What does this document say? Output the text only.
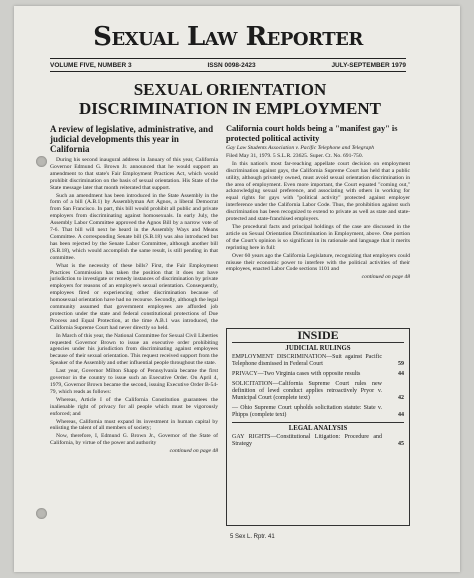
Sexual Law Reporter
VOLUME FIVE, NUMBER 3	ISSN 0098-2423	JULY-SEPTEMBER 1979
SEXUAL ORIENTATION
DISCRIMINATION IN EMPLOYMENT
A review of legislative, administrative, and judicial developments this year in California

During his second inaugural address in January of this year, California Governor Edmund G. Brown Jr. announced that he would support an amendment to that state's Fair Employment Practices Act, which would prohibit discrimination on the basis of sexual orientation. His State of the State message later that month reiterated that support.

Such an amendment has been introduced in the State Assembly in the form of a bill (A.B.1) by Assemblyman Art Agnos, a liberal Democrat from San Francisco. In part, this bill would prohibit all public and private employers from discriminating against homosexuals. In early July, the Assembly Labor Committee approved the Agnos Bill by a narrow vote of 7-6. That bill will next be heard in the Assembly Ways and Means Committee. A corresponding Senate bill (S.B.18) was also introduced but has been rejected by the Senate Labor Committee, although another bill (S.B.18), which would accomplish the same result, is still pending in that committee.

What is the necessity of these bills? First, the Fair Employment Practices Commission has taken the position that it does not have jurisdiction to investigate or remedy instances of discrimination by private employers for reasons of an employee's sexual orientation. Consequently, employees fired or experiencing other discrimination because of homosexual orientation have had no recourse. Secondly, although the legal community assumed that government employees are afforded job protection under the state and federal constitutional protections of Due Process and Equal Protection, at the time A.B.1 was introduced, the California Supreme Court had never directly so held.

In March of this year, the National Committee for Sexual Civil Liberties requested Governor Brown to issue an executive order prohibiting agencies under his jurisdiction from discriminating against employees because of their sexual orientation. This request received support from the Speaker of the Assembly and other influential people throughout the state.

Last year, Governor Milton Shapp of Pennsylvania became the first governor in the country to issue such an Executive Order. On April 4, 1979, Governor Brown became the second, issuing Executive Order B-54-79, which reads as follows:

Whereas, Article I of the California Constitution guarantees the inalienable right of privacy for all people which must be vigorously enforced; and

Whereas, California must expand its investment in human capital by enlisting the talent of all members of society;

Now, therefore, I, Edmund G. Brown Jr., Governor of the State of California, by virtue of the power and authority

continued on page 48

California court holds being a "manifest gay" is protected political activity

Gay Law Students Association v. Pacific Telephone and Telegraph

Filed May 31, 1979. 5 S.L.R. 23625. Super. Ct. No. 691-750.

In this nation's most far-reaching appellate court decision on employment discrimination against gays, the California Supreme Court has held that a public utility, although privately owned, must avoid sexual orientation discrimination in the area of employment. Even more important, the Court equated "coming out," acknowledging sexual preference, and associating with others in working for equal rights for gays with "political activity" protected against employer interference under the California Labor Code. Thus, the prohibition against such discrimination has been recognized to extend to private as well as state and state-protected and state-franchised employers.

The procedural facts and principal holdings of the case are discussed in the article on Sexual Orientation Discrimination in Employment, above. One portion of the Court's opinion is so significant in its rationale and language that it merits reprinting here in full:

Over 60 years ago the California Legislature, recognizing that employers could misuse their economic power to interfere with the political activities of their employees, enacted Labor Code sections 1101 and

continued on page 48

INSIDE
JUDICIAL RULINGS
EMPLOYMENT DISCRIMINATION—Suit against Pacific Telephone dismissed in Federal Court	59
PRIVACY—Two Virginia cases with opposite results	44
SOLICITATION—California Supreme Court rules new definition of lewd conduct applies retroactively Pryor v. Municipal Court (complete text)	42
— Ohio Supreme Court upholds solicitation statute: State v. Phipps (complete text)	44
LEGAL ANALYSIS
GAY RIGHTS—Constitutional Litigation: Procedure and Strategy	45
5 Sex L. Rptr. 41
